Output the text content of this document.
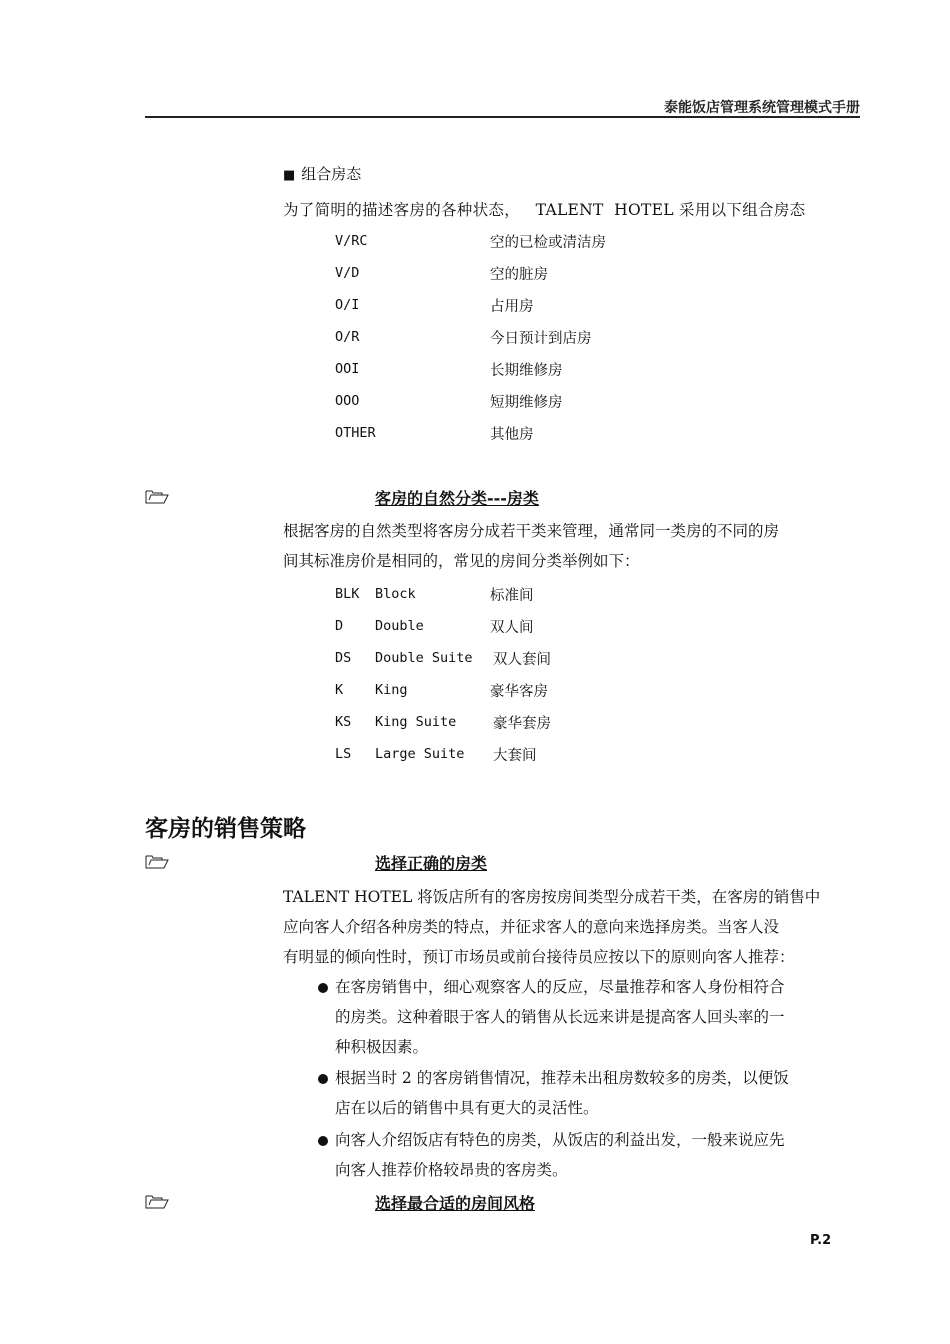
泰能饭店管理系统管理模式手册
■ 组合房态
为了简明的描述客房的各种状态，   TALENT  HOTEL 采用以下组合房态
V/RC	空的已检或清洁房
V/D	空的脏房
O/I	占用房
O/R	今日预计到店房
OOI	长期维修房
OOO	短期维修房
OTHER	其他房
客房的自然分类---房类
根据客房的自然类型将客房分成若干类来管理，通常同一类房的不同的房
间其标准房价是相同的，常见的房间分类举例如下：
BLK Block	标准间
D Double	双人间
DS Double Suite 双人套间
K King	豪华客房
KS King Suite	豪华套房
LS Large Suite 大套间
客房的销售策略
选择正确的房类
TALENT HOTEL 将饭店所有的客房按房间类型分成若干类，在客房的销售中
应向客人介绍各种房类的特点，并征求客人的意向来选择房类。当客人没
有明显的倾向性时，预订市场员或前台接待员应按以下的原则向客人推荐：
在客房销售中，细心观察客人的反应，尽量推荐和客人身份相符合
的房类。这种着眼于客人的销售从长远来讲是提高客人回头率的一
种积极因素。
根据当时 2 的客房销售情况，推荐未出租房数较多的房类，以便饭
店在以后的销售中具有更大的灵活性。
向客人介绍饭店有特色的房类，从饭店的利益出发，一般来说应先
向客人推荐价格较昂贵的客房类。
选择最合适的房间风格
P.2
